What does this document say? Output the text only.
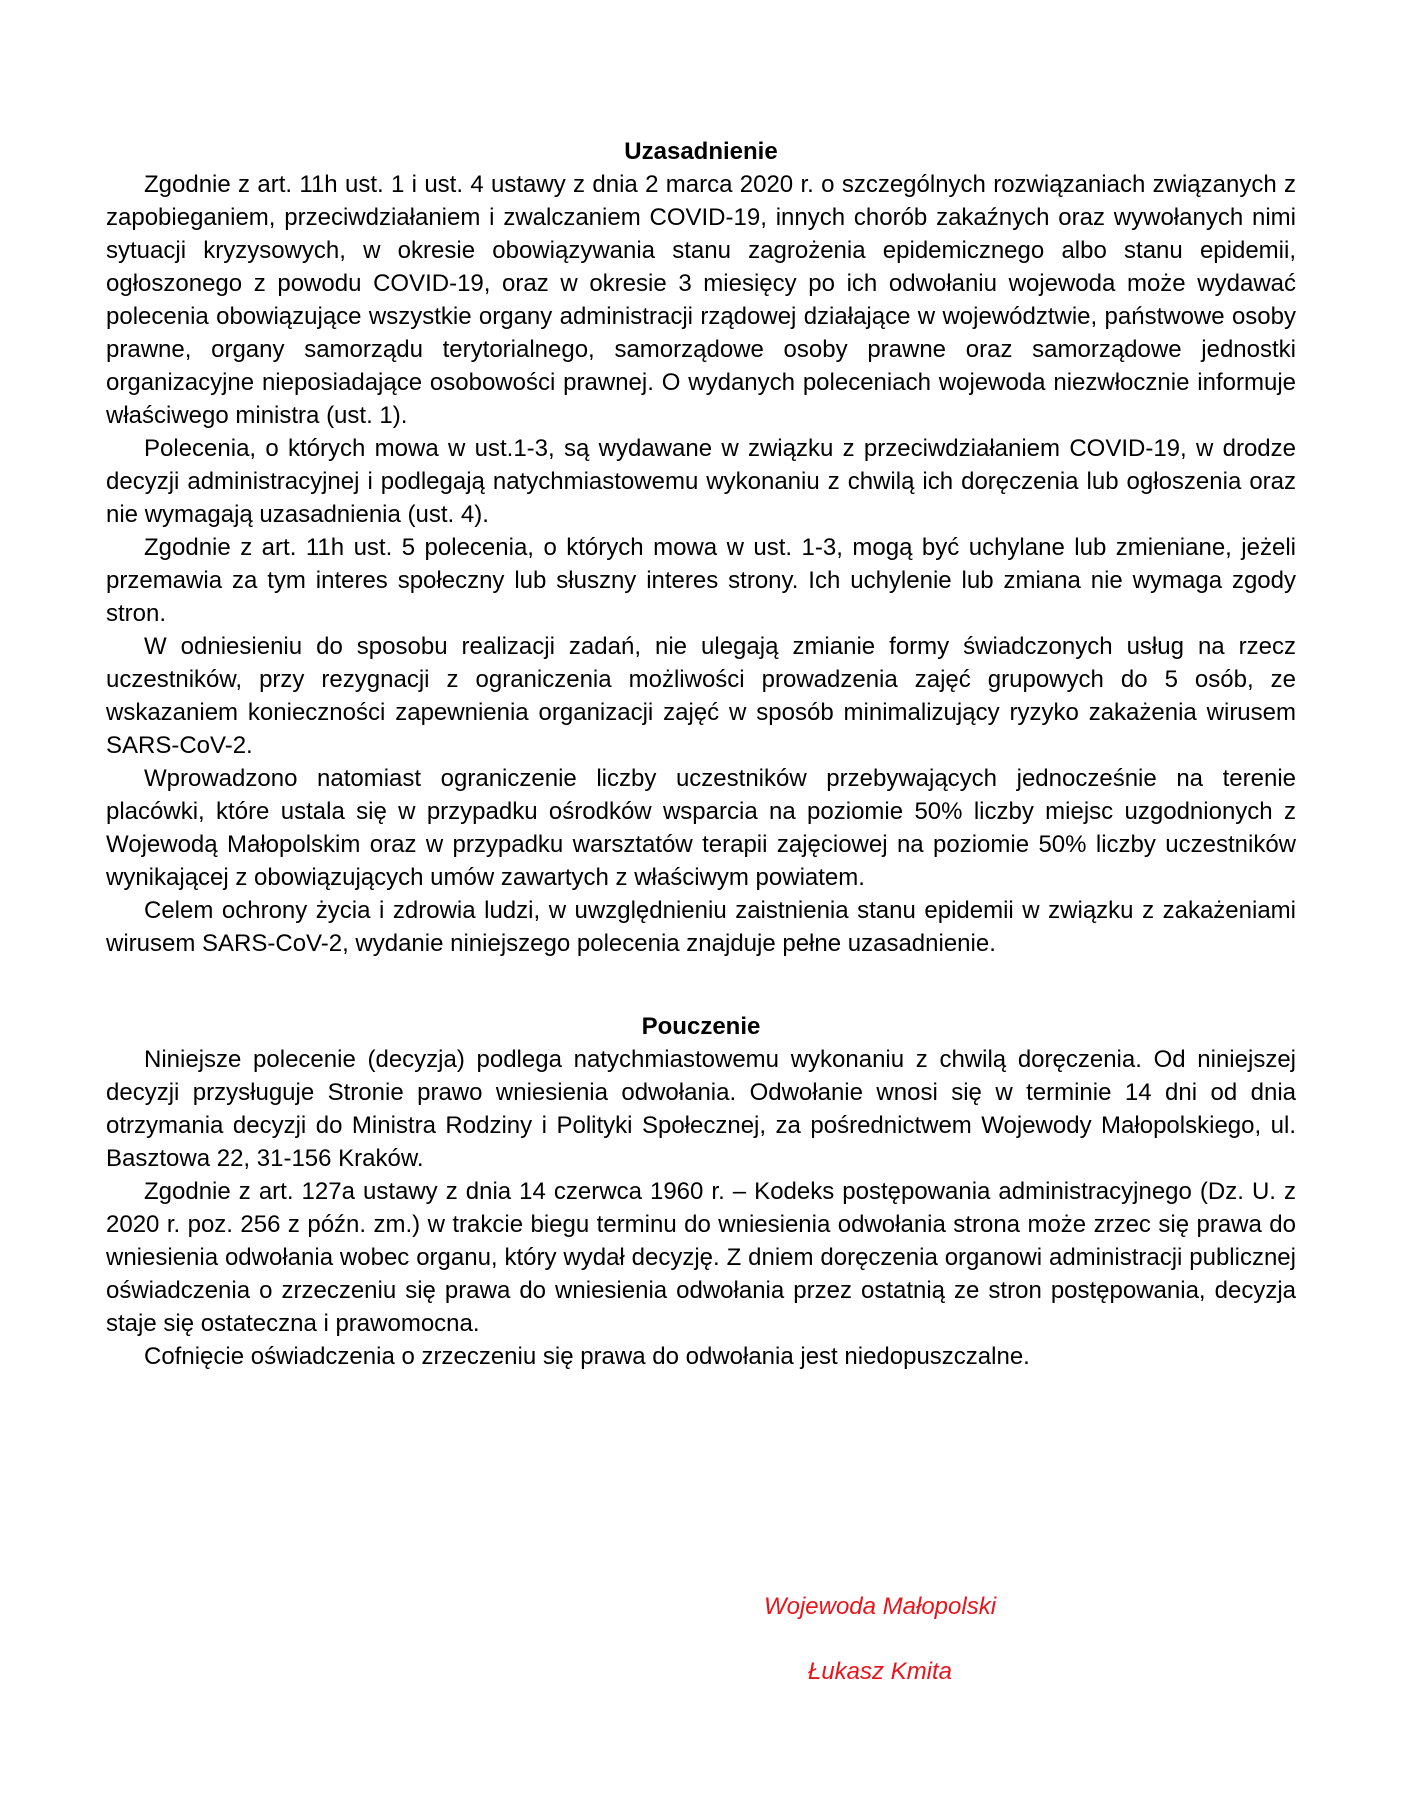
Uzasadnienie

Zgodnie z art. 11h ust. 1 i ust. 4 ustawy z dnia 2 marca 2020 r. o szczególnych rozwiązaniach związanych z zapobieganiem, przeciwdziałaniem i zwalczaniem COVID-19, innych chorób zakaźnych oraz wywołanych nimi sytuacji kryzysowych, w okresie obowiązywania stanu zagrożenia epidemicznego albo stanu epidemii, ogłoszonego z powodu COVID-19, oraz w okresie 3 miesięcy po ich odwołaniu wojewoda może wydawać polecenia obowiązujące wszystkie organy administracji rządowej działające w województwie, państwowe osoby prawne, organy samorządu terytorialnego, samorządowe osoby prawne oraz samorządowe jednostki organizacyjne nieposiadające osobowości prawnej. O wydanych poleceniach wojewoda niezwłocznie informuje właściwego ministra (ust. 1).

Polecenia, o których mowa w ust.1-3, są wydawane w związku z przeciwdziałaniem COVID-19, w drodze decyzji administracyjnej i podlegają natychmiastowemu wykonaniu z chwilą ich doręczenia lub ogłoszenia oraz nie wymagają uzasadnienia (ust. 4).

Zgodnie z art. 11h ust. 5 polecenia, o których mowa w ust. 1-3, mogą być uchylane lub zmieniane, jeżeli przemawia za tym interes społeczny lub słuszny interes strony. Ich uchylenie lub zmiana nie wymaga zgody stron.

W odniesieniu do sposobu realizacji zadań, nie ulegają zmianie formy świadczonych usług na rzecz uczestników, przy rezygnacji z ograniczenia możliwości prowadzenia zajęć grupowych do 5 osób, ze wskazaniem konieczności zapewnienia organizacji zajęć w sposób minimalizujący ryzyko zakażenia wirusem SARS-CoV-2.

Wprowadzono natomiast ograniczenie liczby uczestników przebywających jednocześnie na terenie placówki, które ustala się w przypadku ośrodków wsparcia na poziomie 50% liczby miejsc uzgodnionych z Wojewodą Małopolskim oraz w przypadku warsztatów terapii zajęciowej na poziomie 50% liczby uczestników wynikającej z obowiązujących umów zawartych z właściwym powiatem.

Celem ochrony życia i zdrowia ludzi, w uwzględnieniu zaistnienia stanu epidemii w związku z zakażeniami wirusem SARS-CoV-2, wydanie niniejszego polecenia znajduje pełne uzasadnienie.

Pouczenie

Niniejsze polecenie (decyzja) podlega natychmiastowemu wykonaniu z chwilą doręczenia. Od niniejszej decyzji przysługuje Stronie prawo wniesienia odwołania. Odwołanie wnosi się w terminie 14 dni od dnia otrzymania decyzji do Ministra Rodziny i Polityki Społecznej, za pośrednictwem Wojewody Małopolskiego, ul. Basztowa 22, 31-156 Kraków.

Zgodnie z art. 127a ustawy z dnia 14 czerwca 1960 r. – Kodeks postępowania administracyjnego (Dz. U. z 2020 r. poz. 256 z późn. zm.) w trakcie biegu terminu do wniesienia odwołania strona może zrzec się prawa do wniesienia odwołania wobec organu, który wydał decyzję. Z dniem doręczenia organowi administracji publicznej oświadczenia o zrzeczeniu się prawa do wniesienia odwołania przez ostatnią ze stron postępowania, decyzja staje się ostateczna i prawomocna.

Cofnięcie oświadczenia o zrzeczeniu się prawa do odwołania jest niedopuszczalne.

Wojewoda Małopolski
Łukasz Kmita
